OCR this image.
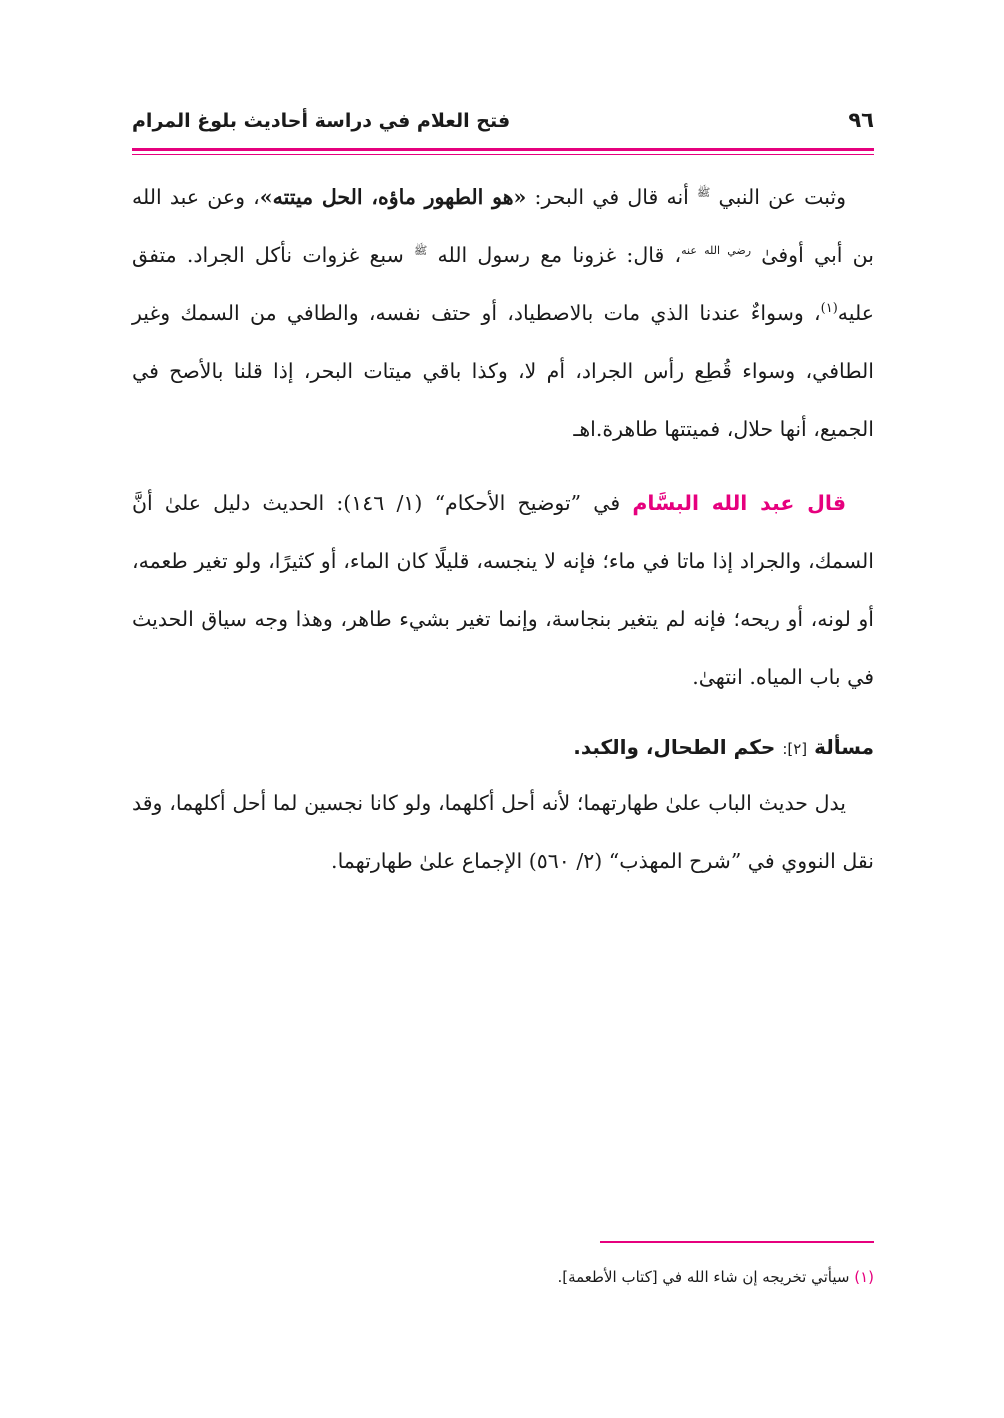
٩٦
فتح العلام في دراسة أحاديث بلوغ المرام

وثبت عن النبي $^ﷺ$ أنه قال في البحر: «هو الطهور ماؤه، الحل ميتته»، وعن عبد الله بن أبي أوفىٰ $^{رضي الله عنه}$، قال: غزونا مع رسول الله $^ﷺ$ سبع غزوات نأكل الجراد. متفق عليه$^{(١)}$، وسواءٌ عندنا الذي مات بالاصطياد، أو حتف نفسه، والطافي من السمك وغير الطافي، وسواء قُطِع رأس الجراد، أم لا، وكذا باقي ميتات البحر، إذا قلنا بالأصح في الجميع، أنها حلال، فميتتها طاهرة.اهـ

قال عبد الله البسَّام في ”توضيح الأحكام“ (١/ ١٤٦): الحديث دليل علىٰ أنَّ السمك، والجراد إذا ماتا في ماء؛ فإنه لا ينجسه، قليلًا كان الماء، أو كثيرًا، ولو تغير طعمه، أو لونه، أو ريحه؛ فإنه لم يتغير بنجاسة، وإنما تغير بشيء طاهر، وهذا وجه سياق الحديث في باب المياه. انتهىٰ.

مسألة [٢]: حكم الطحال، والكبد.

يدل حديث الباب علىٰ طهارتهما؛ لأنه أحل أكلهما، ولو كانا نجسين لما أحل أكلهما، وقد نقل النووي في ”شرح المهذب“ (٢/ ٥٦٠) الإجماع علىٰ طهارتهما.

(١) سيأتي تخريجه إن شاء الله في [كتاب الأطعمة].
